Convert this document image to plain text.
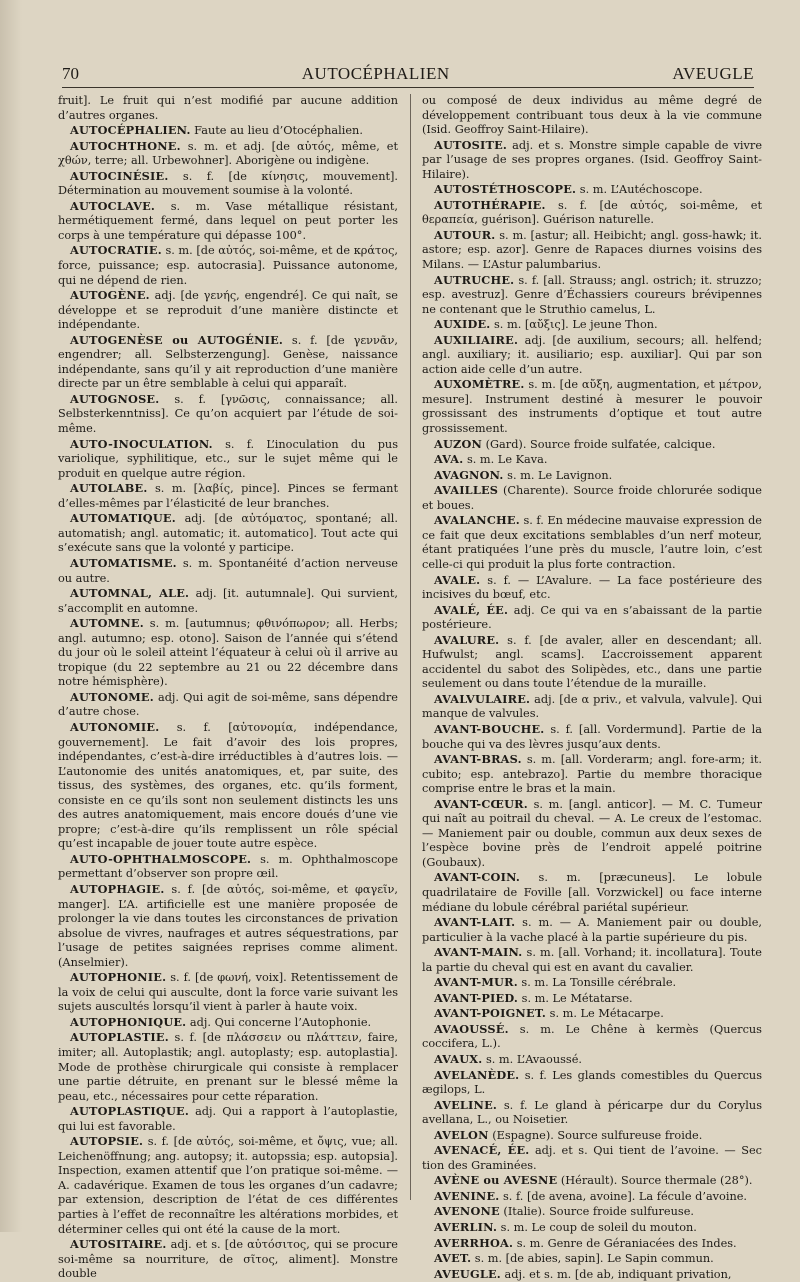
70	AUTOCÉPHALIEN	AVEUGLE

fruit]. Le fruit qui n’est modifié par aucune addition d’autres organes.

AUTOCÉPHALIEN. Faute au lieu d’Otocéphalien.

AUTOCHTHONE. s. m. et adj. [de αὐτός, même, et χθών, terre; all. Urbewohner]. Aborigène ou indigène.

AUTOCINÉSIE. s. f. [de κίνησις, mouvement]. Détermination au mouvement soumise à la volonté.

AUTOCLAVE. s. m. Vase métallique résistant, hermétiquement fermé, dans lequel on peut porter les corps à une température qui dépasse 100°.

AUTOCRATIE. s. m. [de αὐτός, soi-même, et de κράτος, force, puissance; esp. autocrasia]. Puissance autonome, qui ne dépend de rien.

AUTOGÈNE. adj. [de γενής, engendré]. Ce qui naît, se développe et se reproduit d’une manière distincte et indépendante.

AUTOGENÈSE ou AUTOGÉNIE. s. f. [de γεννᾶν, engendrer; all. Selbsterzengung]. Genèse, naissance indépendante, sans qu’il y ait reproduction d’une manière directe par un être semblable à celui qui apparaît.

AUTOGNOSE. s. f. [γνῶσις, connaissance; all. Selbsterkenntniss]. Ce qu’on acquiert par l’étude de soi-même.

AUTO-INOCULATION. s. f. L’inoculation du pus variolique, syphilitique, etc., sur le sujet même qui le produit en quelque autre région.

AUTOLABE. s. m. [λαβίς, pince]. Pinces se fermant d’elles-mêmes par l’élasticité de leur branches.

AUTOMATIQUE. adj. [de αὐτόματος, spontané; all. automatish; angl. automatic; it. automatico]. Tout acte qui s’exécute sans que la volonté y participe.

AUTOMATISME. s. m. Spontanéité d’action nerveuse ou autre.

AUTOMNAL, ALE. adj. [it. autumnale]. Qui survient, s’accomplit en automne.

AUTOMNE. s. m. [autumnus; φθινόπωρον; all. Herbs; angl. autumno; esp. otono]. Saison de l’année qui s’étend du jour où le soleil atteint l’équateur à celui où il arrive au tropique (du 22 septembre au 21 ou 22 décembre dans notre hémisphère).

AUTONOME. adj. Qui agit de soi-même, sans dépendre d’autre chose.

AUTONOMIE. s. f. [αὐτονομία, indépendance, gouvernement]. Le fait d’avoir des lois propres, indépendantes, c’est-à-dire irréductibles à d’autres lois. — L’autonomie des unités anatomiques, et, par suite, des tissus, des systèmes, des organes, etc. qu’ils forment, consiste en ce qu’ils sont non seulement distincts les uns des autres anatomiquement, mais encore doués d’une vie propre; c’est-à-dire qu’ils remplissent un rôle spécial qu’est incapable de jouer toute autre espèce.

AUTO-OPHTHALMOSCOPE. s. m. Ophthalmoscope permettant d’observer son propre œil.

AUTOPHAGIE. s. f. [de αὐτός, soi-même, et φαγεῖν, manger]. L’A. artificielle est une manière proposée de prolonger la vie dans toutes les circonstances de privation absolue de vivres, naufrages et autres séquestrations, par l’usage de petites saignées reprises comme aliment. (Anselmier).

AUTOPHONIE. s. f. [de φωνή, voix]. Retentissement de la voix de celui qui ausculte, dont la force varie suivant les sujets auscultés lorsqu’il vient à parler à haute voix.

AUTOPHONIQUE. adj. Qui concerne l’Autophonie.

AUTOPLASTIE. s. f. [de πλάσσειν ou πλάττειν, faire, imiter; all. Autoplastik; angl. autoplasty; esp. autoplastia]. Mode de prothèse chirurgicale qui consiste à remplacer une partie détruite, en prenant sur le blessé même la peau, etc., nécessaires pour cette réparation.

AUTOPLASTIQUE. adj. Qui a rapport à l’autoplastie, qui lui est favorable.

AUTOPSIE. s. f. [de αὐτός, soi-même, et ὄψις, vue; all. Leichenöffnung; ang. autopsy; it. autopssia; esp. autopsia]. Inspection, examen attentif que l’on pratique soi-même. — A. cadavérique. Examen de tous les organes d’un cadavre; par extension, description de l’état de ces différentes parties à l’effet de reconnaître les altérations morbides, et déterminer celles qui ont été la cause de la mort.

AUTOSITAIRE. adj. et s. [de αὐτόσιτος, qui se procure soi-même sa nourriture, de σῖτος, aliment]. Monstre double

ou composé de deux individus au même degré de développement contribuant tous deux à la vie commune (Isid. Geoffroy Saint-Hilaire).

AUTOSITE. adj. et s. Monstre simple capable de vivre par l’usage de ses propres organes. (Isid. Geoffroy Saint-Hilaire).

AUTOSTÉTHOSCOPE. s. m. L’Autéchoscope.

AUTOTHÉRAPIE. s. f. [de αὐτός, soi-même, et θεραπεία, guérison]. Guérison naturelle.

AUTOUR. s. m. [astur; all. Heibicht; angl. goss-hawk; it. astore; esp. azor]. Genre de Rapaces diurnes voisins des Milans. — L’Astur palumbarius.

AUTRUCHE. s. f. [all. Strauss; angl. ostrich; it. struzzo; esp. avestruz]. Genre d’Échassiers coureurs brévipennes ne contenant que le Struthio camelus, L.

AUXIDE. s. m. [αὔξις]. Le jeune Thon.

AUXILIAIRE. adj. [de auxilium, secours; all. helfend; angl. auxiliary; it. ausiliario; esp. auxiliar]. Qui par son action aide celle d’un autre.

AUXOMÈTRE. s. m. [de αὔξη, augmentation, et μέτρον, mesure]. Instrument destiné à mesurer le pouvoir grossissant des instruments d’optique et tout autre grossissement.

AUZON (Gard). Source froide sulfatée, calcique.

AVA. s. m. Le Kava.

AVAGNON. s. m. Le Lavignon.

AVAILLES (Charente). Source froide chlorurée sodique et boues.

AVALANCHE. s. f. En médecine mauvaise expression de ce fait que deux excitations semblables d’un nerf moteur, étant pratiquées l’une près du muscle, l’autre loin, c’est celle-ci qui produit la plus forte contraction.

AVALE. s. f. — L’Avalure. — La face postérieure des incisives du bœuf, etc.

AVALÉ, ÉE. adj. Ce qui va en s’abaissant de la partie postérieure.

AVALURE. s. f. [de avaler, aller en descendant; all. Hufwulst; angl. scams]. L’accroissement apparent accidentel du sabot des Solipèdes, etc., dans une partie seulement ou dans toute l’étendue de la muraille.

AVALVULAIRE. adj. [de α priv., et valvula, valvule]. Qui manque de valvules.

AVANT-BOUCHE. s. f. [all. Vordermund]. Partie de la bouche qui va des lèvres jusqu’aux dents.

AVANT-BRAS. s. m. [all. Vorderarm; angl. fore-arm; it. cubito; esp. antebrazo]. Partie du membre thoracique comprise entre le bras et la main.

AVANT-CŒUR. s. m. [angl. anticor]. — M. C. Tumeur qui naît au poitrail du cheval. — A. Le creux de l’estomac. — Maniement pair ou double, commun aux deux sexes de l’espèce bovine près de l’endroit appelé poitrine (Goubaux).

AVANT-COIN. s. m. [præcuneus]. Le lobule quadrilataire de Foville [all. Vorzwickel] ou face interne médiane du lobule cérébral pariétal supérieur.

AVANT-LAIT. s. m. — A. Maniement pair ou double, particulier à la vache placé à la partie supérieure du pis.

AVANT-MAIN. s. m. [all. Vorhand; it. incollatura]. Toute la partie du cheval qui est en avant du cavalier.

AVANT-MUR. s. m. La Tonsille cérébrale.

AVANT-PIED. s. m. Le Métatarse.

AVANT-POIGNET. s. m. Le Métacarpe.

AVAOUSSÉ. s. m. Le Chêne à kermès (Quercus coccifera, L.).

AVAUX. s. m. L’Avaoussé.

AVELANÈDE. s. f. Les glands comestibles du Quercus ægilops, L.

AVELINE. s. f. Le gland à péricarpe dur du Corylus avellana, L., ou Noisetier.

AVELON (Espagne). Source sulfureuse froide.

AVENACÉ, ÉE. adj. et s. Qui tient de l’avoine. — Sec tion des Graminées.

AVÈNE ou AVESNE (Hérault). Source thermale (28°).

AVENINE. s. f. [de avena, avoine]. La fécule d’avoine.

AVENONE (Italie). Source froide sulfureuse.

AVERLIN. s. m. Le coup de soleil du mouton.

AVERRHOA. s. m. Genre de Géraniacées des Indes.

AVET. s. m. [de abies, sapin]. Le Sapin commun.

AVEUGLE. adj. et s. m. [de ab, indiquant privation,
